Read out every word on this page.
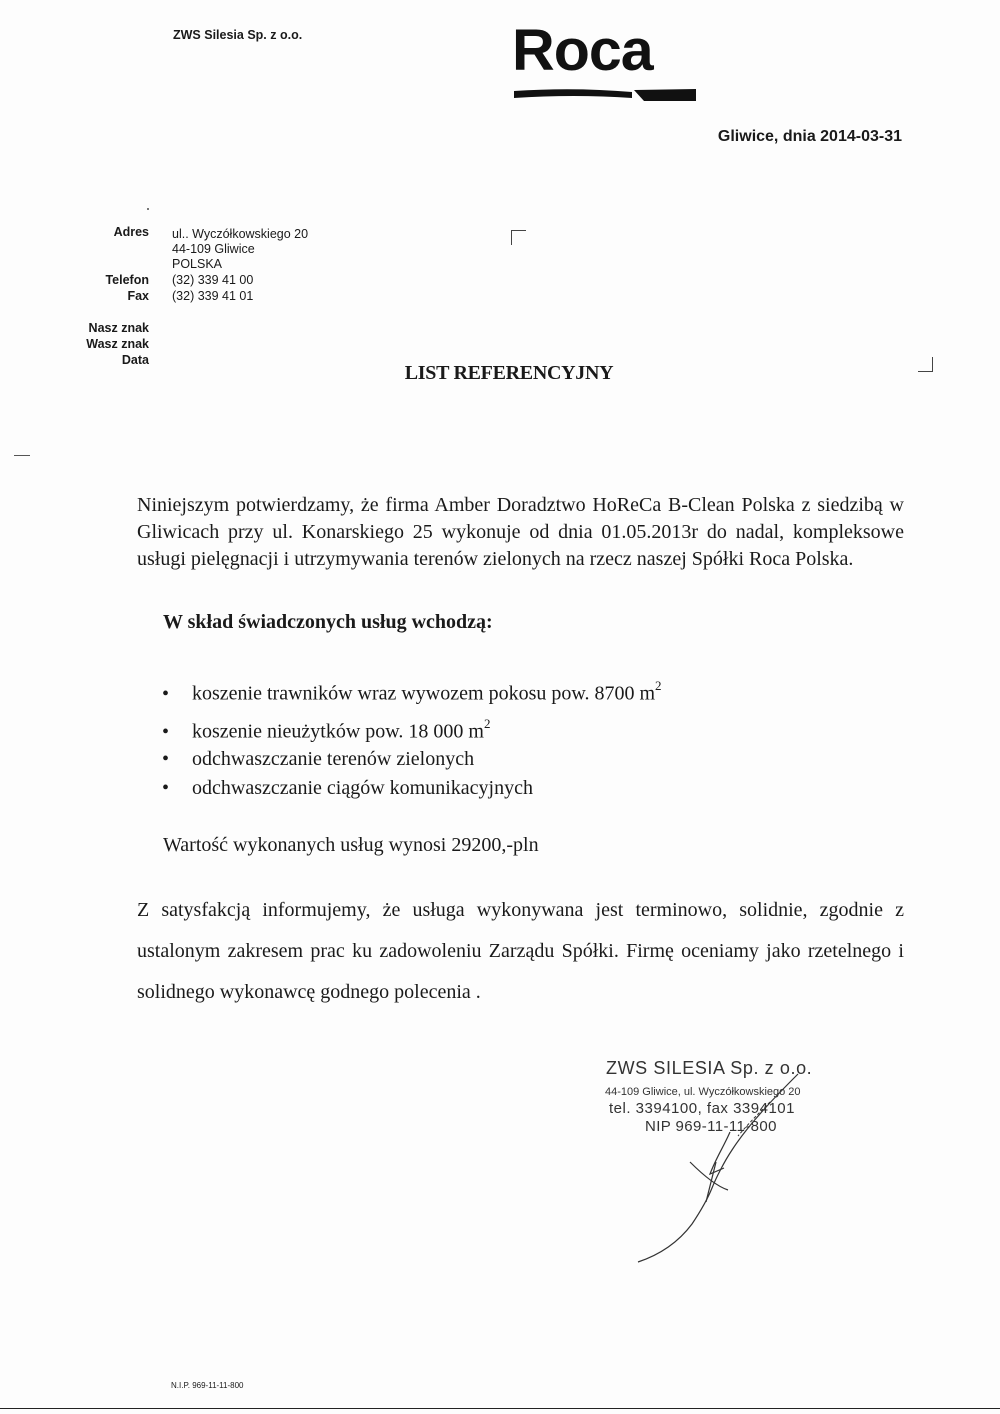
ZWS Silesia Sp. z o.o.	Roca
Gliwice, dnia 2014-03-31
Adres ul.. Wyczółkowskiego 20
44-109 Gliwice
POLSKA
Telefon (32) 339 41 00
Fax (32) 339 41 01
Nasz znak
Wasz znak
Data
LIST REFERENCYJNY
Niniejszym potwierdzamy, że firma Amber Doradztwo HoReCa B-Clean Polska z siedzibą w Gliwicach przy ul. Konarskiego 25 wykonuje od dnia 01.05.2013r do nadal, kompleksowe usługi pielęgnacji i utrzymywania terenów zielonych na rzecz naszej Spółki Roca Polska.
W skład świadczonych usług wchodzą:
• koszenie trawników wraz wywozem pokosu pow. 8700 $m^2$
• koszenie nieużytków pow. 18 000 $m^2$
• odchwaszczanie terenów zielonych
• odchwaszczanie ciągów komunikacyjnych
Wartość wykonanych usług wynosi 29200,-pln
Z satysfakcją informujemy, że usługa wykonywana jest terminowo, solidnie, zgodnie z ustalonym zakresem prac ku zadowoleniu Zarządu Spółki. Firmę oceniamy jako rzetelnego i solidnego wykonawcę godnego polecenia .
ZWS SILESIA Sp. z o.o.
44-109 Gliwice, ul. Wyczółkowskiego 20
tel. 3394100, fax 3394101
NIP 969-11-11-800
N.I.P. 969-11-11-800
